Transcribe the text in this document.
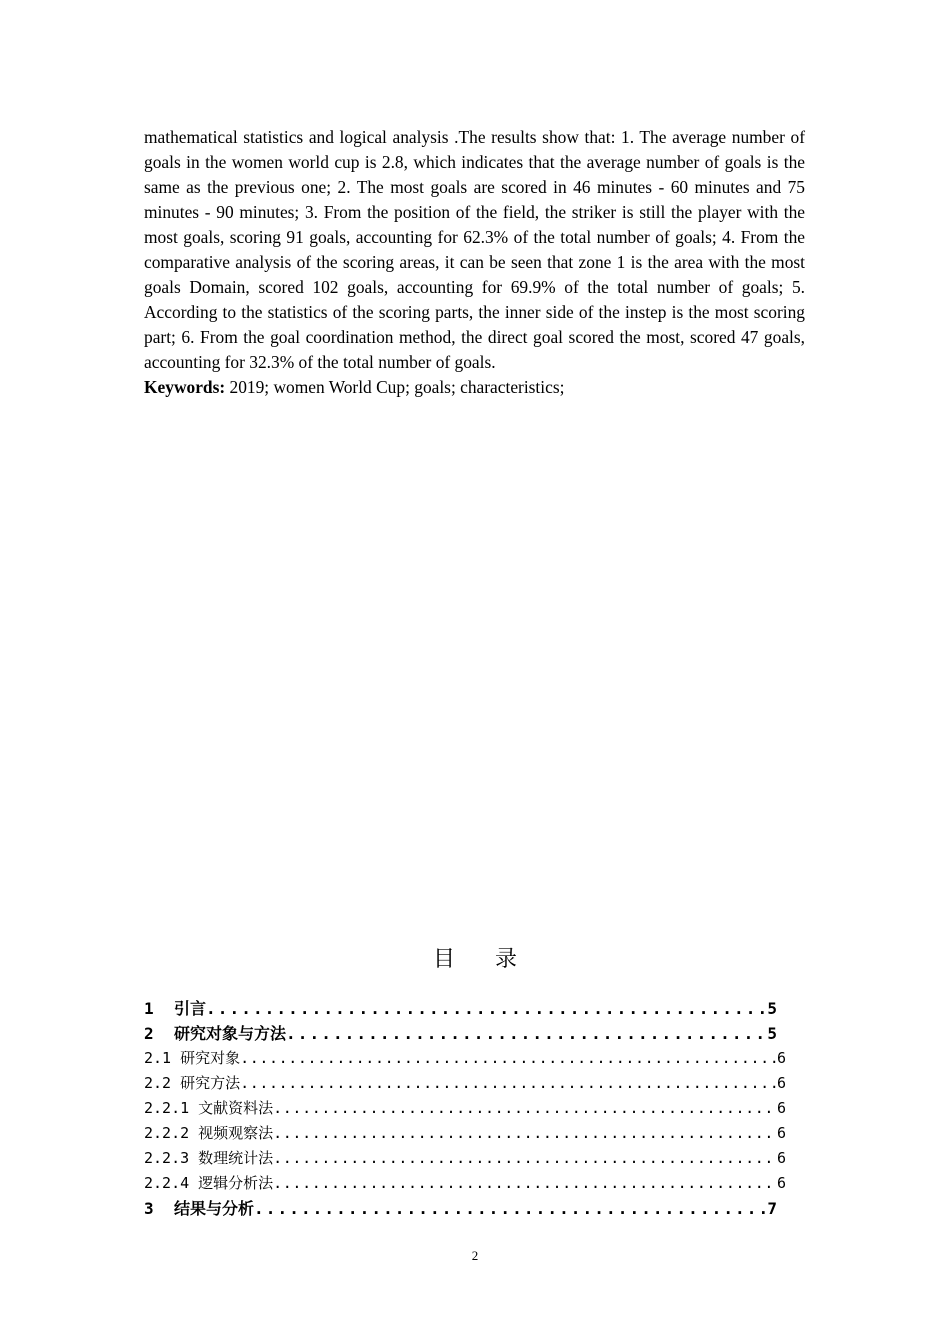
mathematical statistics and logical analysis .The results show that: 1. The average number of goals in the women world cup is 2.8, which indicates that the average number of goals is the same as the previous one; 2. The most goals are scored in 46 minutes - 60 minutes and 75 minutes - 90 minutes; 3. From the position of the field, the striker is still the player with the most goals, scoring 91 goals, accounting for 62.3% of the total number of goals; 4. From the comparative analysis of the scoring areas, it can be seen that zone 1 is the area with the most goals Domain, scored 102 goals, accounting for 69.9% of the total number of goals; 5. According to the statistics of the scoring parts, the inner side of the instep is the most scoring part; 6. From the goal coordination method, the direct goal scored the most, scored 47 goals, accounting for 32.3% of the total number of goals.

Keywords: 2019; women World Cup; goals; characteristics;

目录
1	引言 .....	5
2	研究对象与方法 .....	5
2.1 研究对象 .....	6
2.2 研究方法 .....	6
2.2.1 文献资料法 .....	6
2.2.2 视频观察法 .....	6
2.2.3 数理统计法 .....	6
2.2.4 逻辑分析法 .....	6
3	结果与分析 .....	7
2
